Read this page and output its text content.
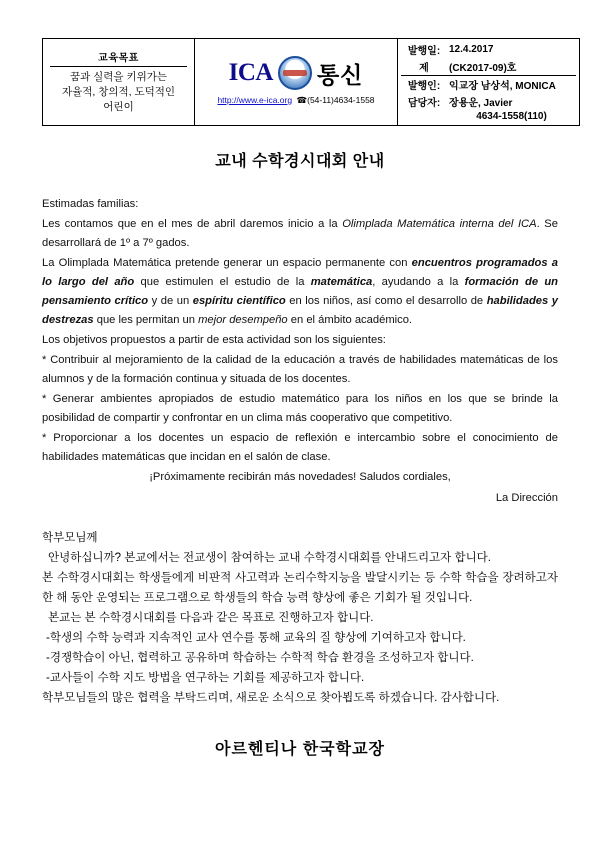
교육목표
꿈과 실력을 키위가는
자율적, 창의적, 도덕적인
어린이

ICA 통신
http://www.e-ica.org ☎(54-11)4634-1558

발행일:	12.4.2017
제	(CK2017-09)호
발행인:	익교장 남상석, MONICA
담당자:	장용운, Javier
	4634-1558(110)
교내 수학경시대회 안내

Estimadas familias:

Les contamos que en el mes de abril daremos inicio a la Olimplada Matemática interna del ICA. Se desarrollará de 1º a 7º gados.

La Olimplada Matemática pretende generar un espacio permanente con encuentros programados a lo largo del año que estimulen el estudio de la matemática, ayudando a la formación de un pensamiento crítico y de un espíritu científico en los niños, así como el desarrollo de habilidades y destrezas que les permitan un mejor desempeño en el ámbito académico.

Los objetivos propuestos a partir de esta actividad son los siguientes:

* Contribuir al mejoramiento de la calidad de la educación a través de habilidades matemáticas de los alumnos y de la formación continua y situada de los docentes.

* Generar ambientes apropiados de estudio matemático para los niños en los que se brinde la posibilidad de compartir y confrontar en un clima más cooperativo que competitivo.

* Proporcionar a los docentes un espacio de reflexión e intercambio sobre el conocimiento de habilidades matemáticas que incidan en el salón de clase.

¡Próximamente recibirán más novedades! Saludos cordiales,

La Dirección

학부모님께

안녕하십니까? 본교에서는 전교생이 참여하는 교내 수학경시대회를 안내드리고자 합니다.

본 수학경시대회는 학생들에게 비판적 사고력과 논리수학지능을 발달시키는 등 수학 학습을 장려하고자 한 해 동안 운영되는 프로그램으로 학생들의 학습 능력 향상에 좋은 기회가 될 것입니다.

본교는 본 수학경시대회를 다음과 같은 목표로 진행하고자 합니다.

-학생의 수학 능력과 지속적인 교사 연수를 통해 교육의 질 향상에 기여하고자 합니다.

-경쟁학습이 아닌, 협력하고 공유하며 학습하는 수학적 학습 환경을 조성하고자 합니다.

-교사들이 수학 지도 방법을 연구하는 기회를 제공하고자 합니다.

학부모님들의 많은 협력을 부탁드리며, 새로운 소식으로 찾아뵙도록 하겠습니다. 감사합니다.

아르헨티나 한국학교장
